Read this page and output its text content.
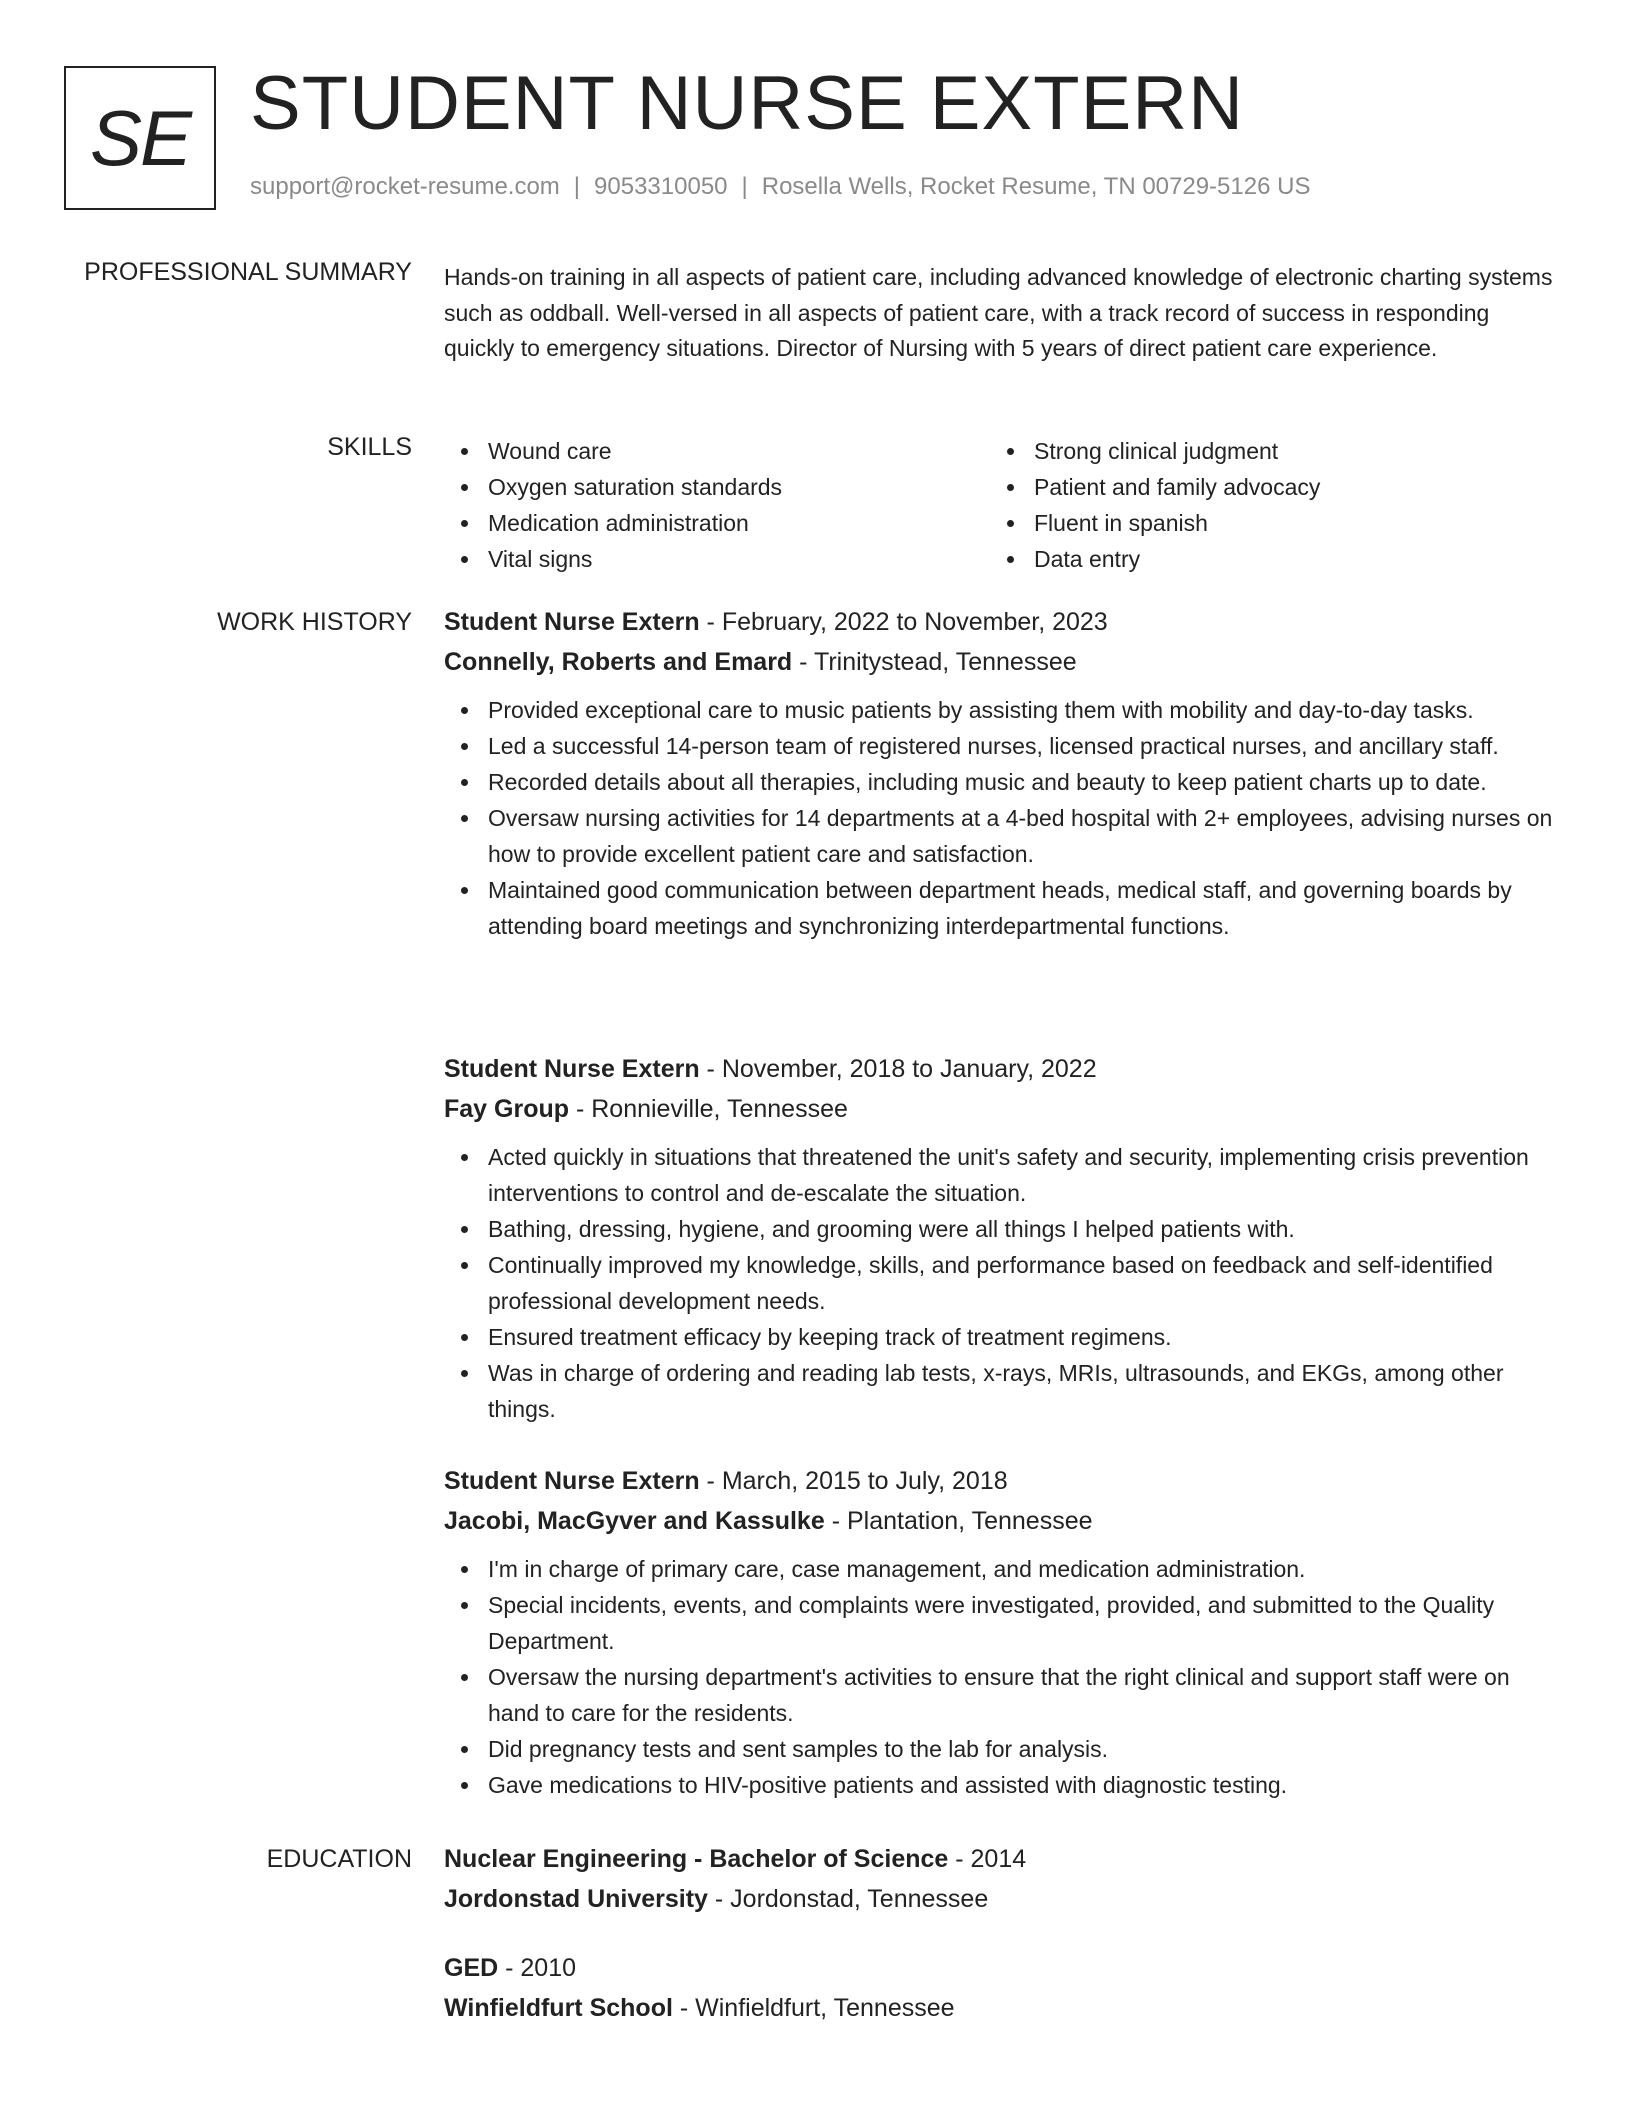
SE STUDENT NURSE EXTERN
support@rocket-resume.com | 9053310050 | Rosella Wells, Rocket Resume, TN 00729-5126 US
PROFESSIONAL SUMMARY Hands-on training in all aspects of patient care, including advanced knowledge of electronic charting systems such as oddball. Well-versed in all aspects of patient care, with a track record of success in responding quickly to emergency situations. Director of Nursing with 5 years of direct patient care experience.
SKILLS	Wound care
Oxygen saturation standards
Medication administration
Vital signs
Strong clinical judgment
Patient and family advocacy
Fluent in spanish
Data entry
WORK HISTORY Student Nurse Extern - February, 2022 to November, 2023
Connelly, Roberts and Emard - Trinitystead, Tennessee
Provided exceptional care to music patients by assisting them with mobility and day-to-day tasks.
Led a successful 14-person team of registered nurses, licensed practical nurses, and ancillary staff.
Recorded details about all therapies, including music and beauty to keep patient charts up to date.
Oversaw nursing activities for 14 departments at a 4-bed hospital with 2+ employees, advising nurses on how to provide excellent patient care and satisfaction.
Maintained good communication between department heads, medical staff, and governing boards by attending board meetings and synchronizing interdepartmental functions.
Student Nurse Extern - November, 2018 to January, 2022
Fay Group - Ronnieville, Tennessee
Acted quickly in situations that threatened the unit's safety and security, implementing crisis prevention interventions to control and de-escalate the situation.
Bathing, dressing, hygiene, and grooming were all things I helped patients with.
Continually improved my knowledge, skills, and performance based on feedback and self-identified professional development needs.
Ensured treatment efficacy by keeping track of treatment regimens.
Was in charge of ordering and reading lab tests, x-rays, MRIs, ultrasounds, and EKGs, among other things.
Student Nurse Extern - March, 2015 to July, 2018
Jacobi, MacGyver and Kassulke - Plantation, Tennessee
I'm in charge of primary care, case management, and medication administration.
Special incidents, events, and complaints were investigated, provided, and submitted to the Quality Department.
Oversaw the nursing department's activities to ensure that the right clinical and support staff were on hand to care for the residents.
Did pregnancy tests and sent samples to the lab for analysis.
Gave medications to HIV-positive patients and assisted with diagnostic testing.
EDUCATION Nuclear Engineering - Bachelor of Science - 2014
Jordonstad University - Jordonstad, Tennessee
GED - 2010
Winfieldfurt School - Winfieldfurt, Tennessee
